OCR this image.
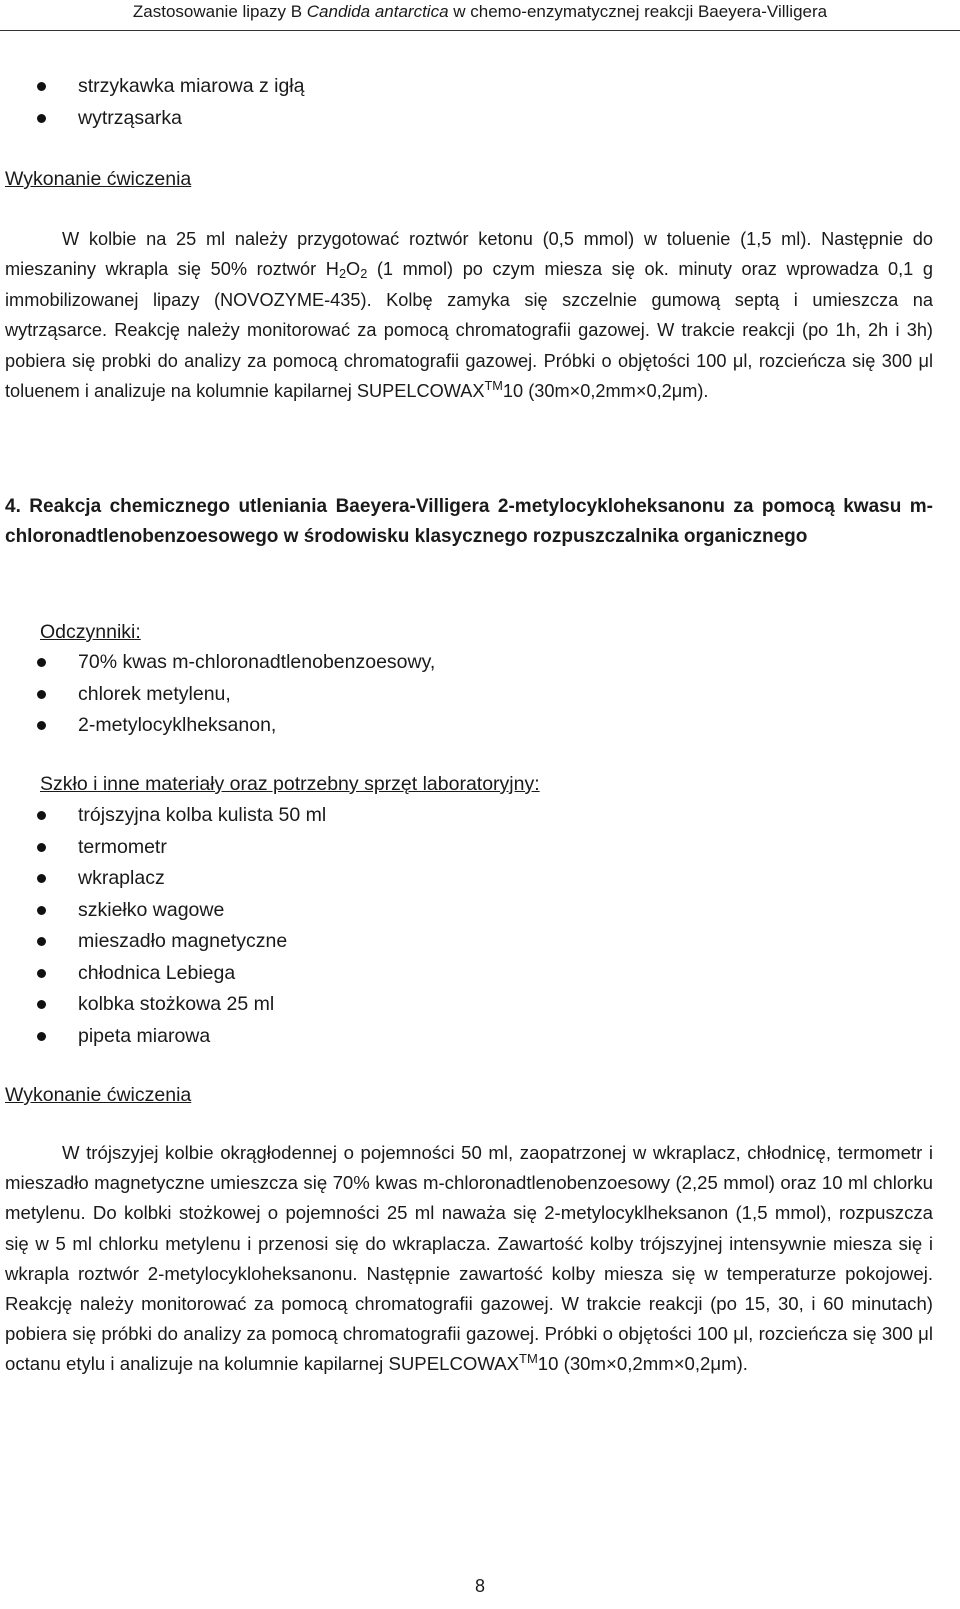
Zastosowanie lipazy B Candida antarctica w chemo-enzymatycznej reakcji Baeyera-Villigera
strzykawka miarowa z igłą
wytrząsarka
Wykonanie ćwiczenia

W kolbie na 25 ml należy przygotować roztwór ketonu (0,5 mmol) w toluenie (1,5 ml). Następnie do mieszaniny wkrapla się 50% roztwór $H_2O_2$ (1 mmol) po czym miesza się ok. minuty oraz wprowadza 0,1 g immobilizowanej lipazy (NOVOZYME-435). Kolbę zamyka się szczelnie gumową septą i umieszcza na wytrząsarce. Reakcję należy monitorować za pomocą chromatografii gazowej. W trakcie reakcji (po 1h, 2h i 3h) pobiera się probki do analizy za pomocą chromatografii gazowej. Próbki o objętości 100 μl, rozcieńcza się 300 μl toluenem i analizuje na kolumnie kapilarnej SUPELCOWAX™10 (30m×0,2mm×0,2μm).

4. Reakcja chemicznego utleniania Baeyera-Villigera 2-metylocykloheksanonu za pomocą kwasu m-chloronadtlenobenzoesowego w środowisku klasycznego rozpuszczalnika organicznego

Odczynniki:
70% kwas m-chloronadtlenobenzoesowy,
chlorek metylenu,
2-metylocyklheksanon,
Szkło i inne materiały oraz potrzebny sprzęt laboratoryjny:
trójszyjna kolba kulista 50 ml
termometr
wkraplacz
szkiełko wagowe
mieszadło magnetyczne
chłodnica Lebiega
kolbka stożkowa 25 ml
pipeta miarowa
Wykonanie ćwiczenia

W trójszyjej kolbie okrągłodennej o pojemności 50 ml, zaopatrzonej w wkraplacz, chłodnicę, termometr i mieszadło magnetyczne umieszcza się 70% kwas m-chloronadtlenobenzoesowy (2,25 mmol) oraz 10 ml chlorku metylenu. Do kolbki stożkowej o pojemności 25 ml naważa się 2-metylocyklheksanon (1,5 mmol), rozpuszcza się w 5 ml chlorku metylenu i przenosi się do wkraplacza. Zawartość kolby trójszyjnej intensywnie miesza się i wkrapla roztwór 2-metylocykloheksanonu. Następnie zawartość kolby miesza się w temperaturze pokojowej. Reakcję należy monitorować za pomocą chromatografii gazowej. W trakcie reakcji (po 15, 30, i 60 minutach) pobiera się próbki do analizy za pomocą chromatografii gazowej. Próbki o objętości 100 μl, rozcieńcza się 300 μl octanu etylu i analizuje na kolumnie kapilarnej SUPELCOWAX™10 (30m×0,2mm×0,2μm).

8
